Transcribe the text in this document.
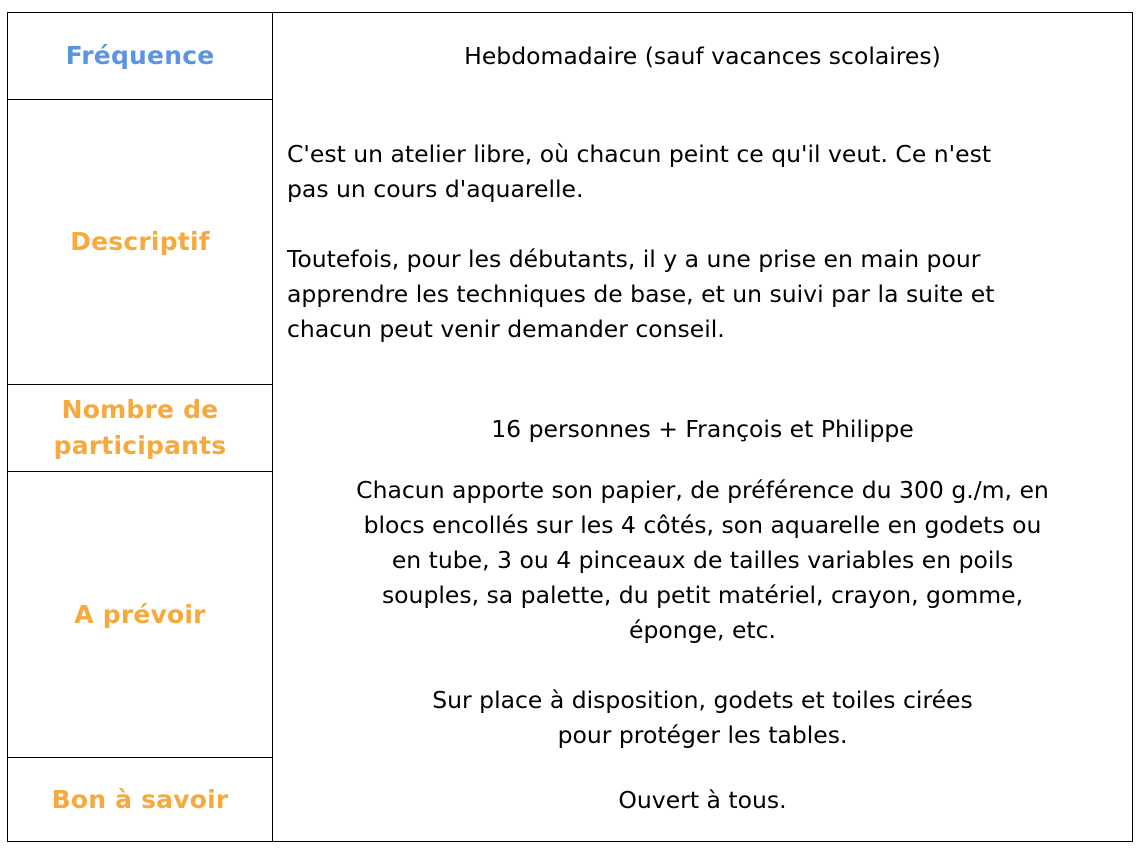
Fréquence
Descriptif
Nombre de
participants
A prévoir
Bon à savoir
Hebdomadaire (sauf vacances scolaires)

C'est un atelier libre, où chacun peint ce qu'il veut. Ce n'est
pas un cours d'aquarelle.

Toutefois, pour les débutants, il y a une prise en main pour
apprendre les techniques de base, et un suivi par la suite et
chacun peut venir demander conseil.

16 personnes + François et Philippe

Chacun apporte son papier, de préférence du 300 g./m, en
blocs encollés sur les 4 côtés, son aquarelle en godets ou
en tube, 3 ou 4 pinceaux de tailles variables en poils
souples, sa palette, du petit matériel, crayon, gomme,
éponge, etc.

Sur place à disposition, godets et toiles cirées
pour protéger les tables.

Ouvert à tous.
